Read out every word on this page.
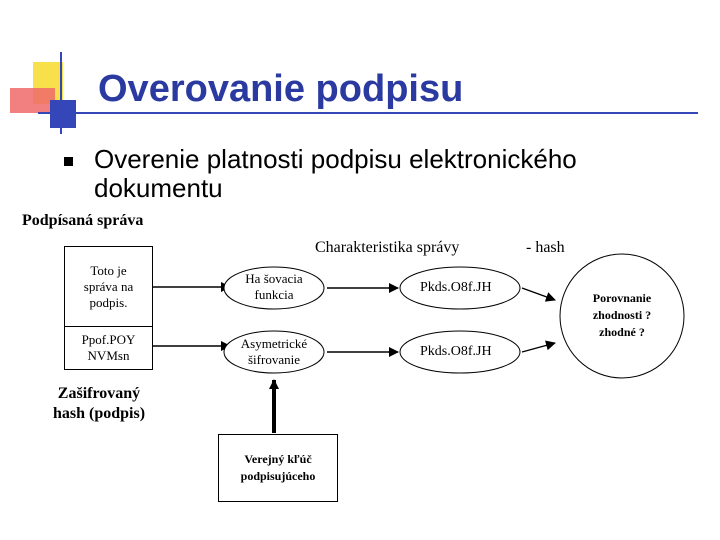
Overovanie podpisu
Overenie platnosti podpisu elektronického dokumentu
Podpísaná správa
Toto je správa na podpis.
Ppof.POY NVMsn
Zašifrovaný hash (podpis)
Ha šovacia funkcia
Asymetrické šifrovanie
Pkds.O8f.JH
Pkds.O8f.JH
Charakteristika správy	- hash
Porovnanie zhodnosti ? zhodné ?
Verejný kľúč podpisujúceho
